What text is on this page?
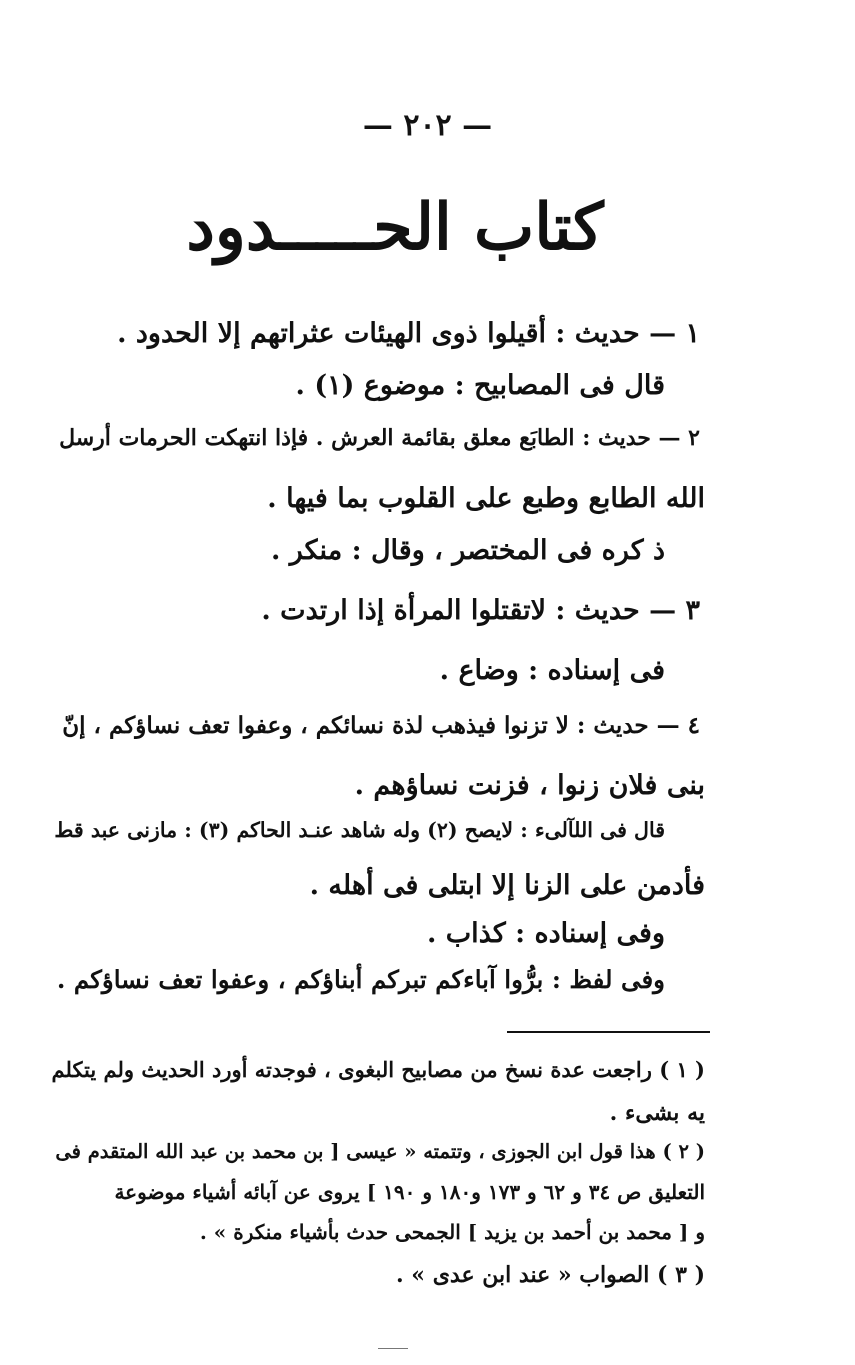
— ٢٠٢ —
كتاب الحـــــدود
١ — حديث : أقيلوا ذوى الهيئات عثراتهم إلا الحدود .
قال فى المصابيح : موضوع (١) .
٢ — حديث : الطابَع معلق بقائمة العرش . فإذا انتهكت الحرمات أرسل
الله الطابع وطبع على القلوب بما فيها .
ذ كره فى المختصر ، وقال : منكر .
٣ — حديث : لاتقتلوا المرأة إذا ارتدت .
فى إسناده : وضاع .
٤ — حديث : لا تزنوا فيذهب لذة نسائكم ، وعفوا تعف نساؤكم ، إنّ
بنى فلان زنوا ، فزنت نساؤهم .
قال فى اللآلىء : لايصح (٢) وله شاهد عنـد الحاكم (٣) : مازنى عبد قط
فأدمن على الزنا إلا ابتلى فى أهله .
وفى إسناده : كذاب .
وفى لفظ : برُّوا آباءكم تبركم أبناؤكم ، وعفوا تعف نساؤكم .
( ١ ) راجعت عدة نسخ من مصابيح البغوى ، فوجدته أورد الحديث ولم يتكلم
يه بشىء .
( ٢ ) هذا قول ابن الجوزى ، وتتمته « عيسى [ بن محمد بن عبد الله المتقدم فى
التعليق ص ٣٤ و ٦٢ و ١٧٣ و١٨٠ و ١٩٠ ] يروى عن آبائه أشياء موضوعة
و [ محمد بن أحمد بن يزيد ] الجمحى حدث بأشياء منكرة » .
( ٣ ) الصواب « عند ابن عدى » .
